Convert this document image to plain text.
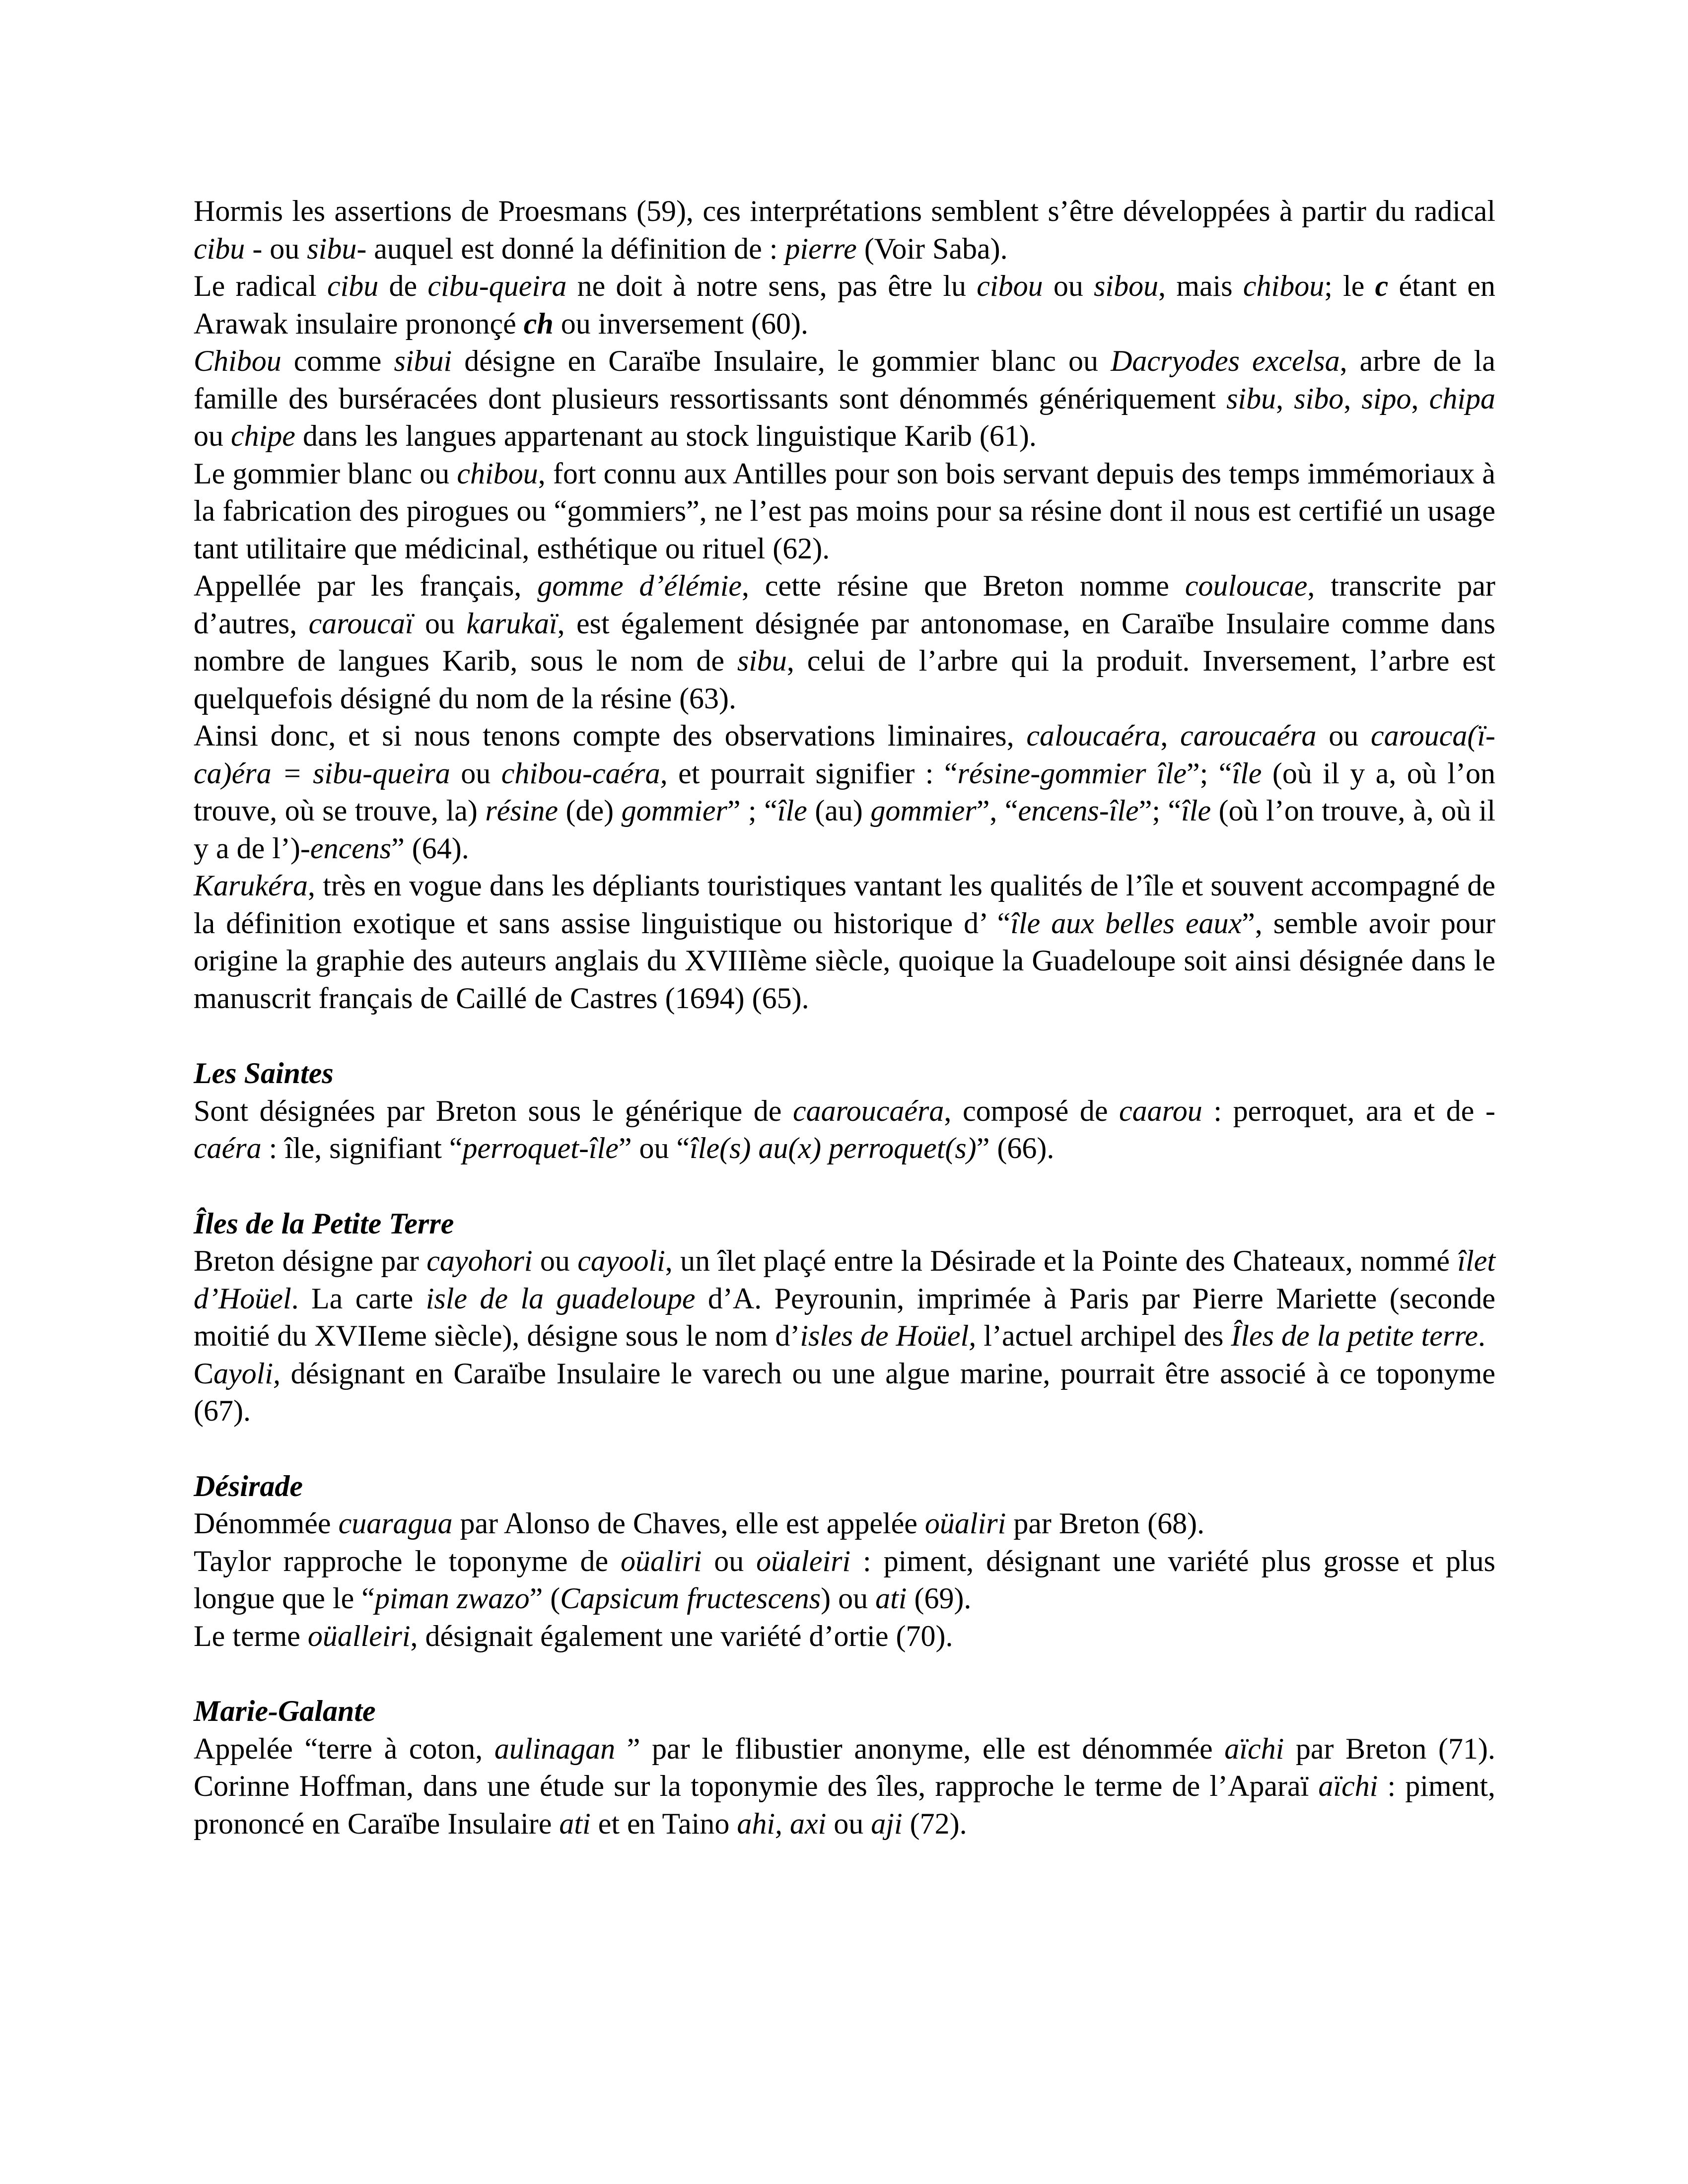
Hormis les assertions de Proesmans (59), ces interprétations semblent s’être développées à partir du radical cibu - ou sibu- auquel est donné la définition de : pierre (Voir Saba).

Le radical cibu de cibu-queira ne doit à notre sens, pas être lu cibou ou sibou, mais chibou; le c étant en Arawak insulaire prononçé ch ou inversement (60).

Chibou comme sibui désigne en Caraïbe Insulaire, le gommier blanc ou Dacryodes excelsa, arbre de la famille des burséracées dont plusieurs ressortissants sont dénommés génériquement sibu, sibo, sipo, chipa ou chipe dans les langues appartenant au stock linguistique Karib (61).

Le gommier blanc ou chibou, fort connu aux Antilles pour son bois servant depuis des temps immémoriaux à la fabrication des pirogues ou “gommiers”, ne l’est pas moins pour sa résine dont il nous est certifié un usage tant utilitaire que médicinal, esthétique ou rituel (62).

Appellée par les français, gomme d’élémie, cette résine que Breton nomme couloucae, transcrite par d’autres, caroucaï ou karukaï, est également désignée par antonomase, en Caraïbe Insulaire comme dans nombre de langues Karib, sous le nom de sibu, celui de l’arbre qui la produit. Inversement, l’arbre est quelquefois désigné du nom de la résine (63).

Ainsi donc, et si nous tenons compte des observations liminaires, caloucaéra, caroucaéra ou carouca(ï-ca)éra = sibu-queira ou chibou-caéra, et pourrait signifier : “résine-gommier île”; “île (où il y a, où l’on trouve, où se trouve, la) résine (de) gommier” ; “île (au) gommier”, “encens-île”; “île (où l’on trouve, à, où il y a de l’)-encens” (64).

Karukéra, très en vogue dans les dépliants touristiques vantant les qualités de l’île et souvent accompagné de la définition exotique et sans assise linguistique ou historique d’ “île aux belles eaux”, semble avoir pour origine la graphie des auteurs anglais du XVIIIème siècle, quoique la Guadeloupe soit ainsi désignée dans le manuscrit français de Caillé de Castres (1694) (65).

Les Saintes

Sont désignées par Breton sous le générique de caaroucaéra, composé de caarou : perroquet, ara et de -caéra : île, signifiant “perroquet-île” ou “île(s) au(x) perroquet(s)” (66).

Îles de la Petite Terre

Breton désigne par cayohori ou cayooli, un îlet plaçé entre la Désirade et la Pointe des Chateaux, nommé îlet d’Hoüel. La carte isle de la guadeloupe d’A. Peyrounin, imprimée à Paris par Pierre Mariette (seconde moitié du XVIIeme siècle), désigne sous le nom d’isles de Hoüel, l’actuel archipel des Îles de la petite terre.

Cayoli, désignant en Caraïbe Insulaire le varech ou une algue marine, pourrait être associé à ce toponyme (67).

Désirade

Dénommée cuaragua par Alonso de Chaves, elle est appelée oüaliri par Breton (68).

Taylor rapproche le toponyme de oüaliri ou oüaleiri : piment, désignant une variété plus grosse et plus longue que le “piman zwazo” (Capsicum fructescens) ou ati (69).

Le terme oüalleiri, désignait également une variété d’ortie (70).

Marie-Galante

Appelée “terre à coton, aulinagan ” par le flibustier anonyme, elle est dénommée aïchi par Breton (71). Corinne Hoffman, dans une étude sur la toponymie des îles, rapproche le terme de l’Aparaï aïchi : piment, prononcé en Caraïbe Insulaire ati et en Taino ahi, axi ou aji (72).
